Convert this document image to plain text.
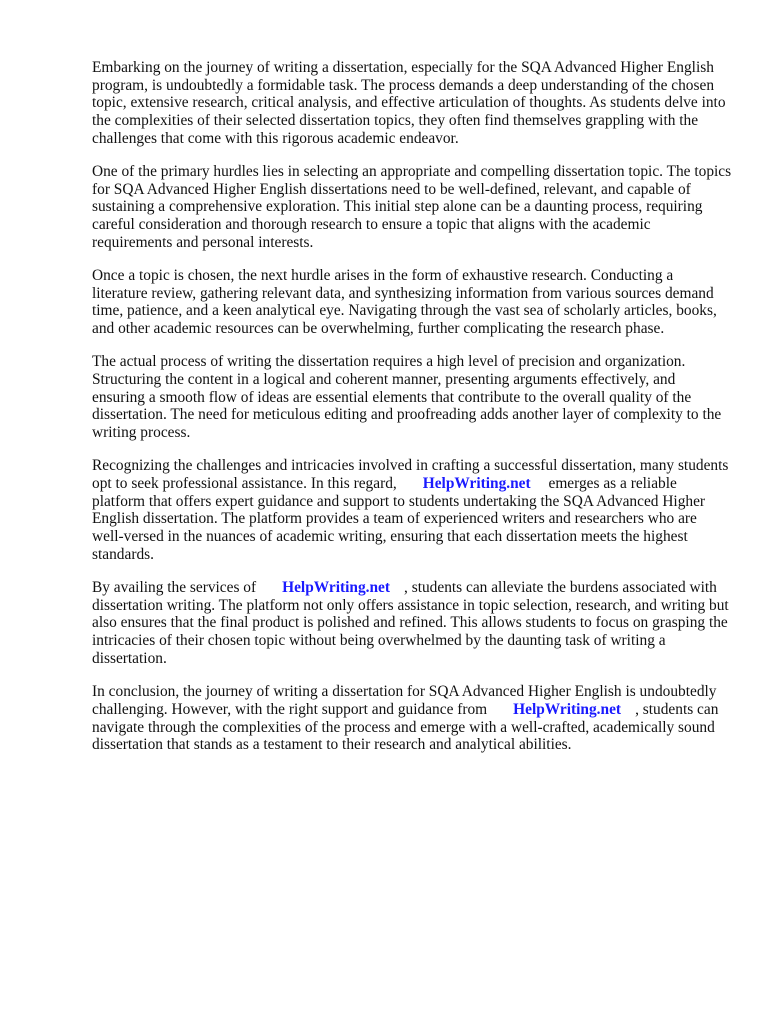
Embarking on the journey of writing a dissertation, especially for the SQA Advanced Higher English program, is undoubtedly a formidable task. The process demands a deep understanding of the chosen topic, extensive research, critical analysis, and effective articulation of thoughts. As students delve into the complexities of their selected dissertation topics, they often find themselves grappling with the challenges that come with this rigorous academic endeavor.

One of the primary hurdles lies in selecting an appropriate and compelling dissertation topic. The topics for SQA Advanced Higher English dissertations need to be well-defined, relevant, and capable of sustaining a comprehensive exploration. This initial step alone can be a daunting process, requiring careful consideration and thorough research to ensure a topic that aligns with the academic requirements and personal interests.

Once a topic is chosen, the next hurdle arises in the form of exhaustive research. Conducting a literature review, gathering relevant data, and synthesizing information from various sources demand time, patience, and a keen analytical eye. Navigating through the vast sea of scholarly articles, books, and other academic resources can be overwhelming, further complicating the research phase.

The actual process of writing the dissertation requires a high level of precision and organization. Structuring the content in a logical and coherent manner, presenting arguments effectively, and ensuring a smooth flow of ideas are essential elements that contribute to the overall quality of the dissertation. The need for meticulous editing and proofreading adds another layer of complexity to the writing process.

Recognizing the challenges and intricacies involved in crafting a successful dissertation, many students opt to seek professional assistance. In this regard, HelpWriting.net emerges as a reliable platform that offers expert guidance and support to students undertaking the SQA Advanced Higher English dissertation. The platform provides a team of experienced writers and researchers who are well-versed in the nuances of academic writing, ensuring that each dissertation meets the highest standards.

By availing the services of HelpWriting.net , students can alleviate the burdens associated with dissertation writing. The platform not only offers assistance in topic selection, research, and writing but also ensures that the final product is polished and refined. This allows students to focus on grasping the intricacies of their chosen topic without being overwhelmed by the daunting task of writing a dissertation.

In conclusion, the journey of writing a dissertation for SQA Advanced Higher English is undoubtedly challenging. However, with the right support and guidance from HelpWriting.net , students can navigate through the complexities of the process and emerge with a well-crafted, academically sound dissertation that stands as a testament to their research and analytical abilities.
